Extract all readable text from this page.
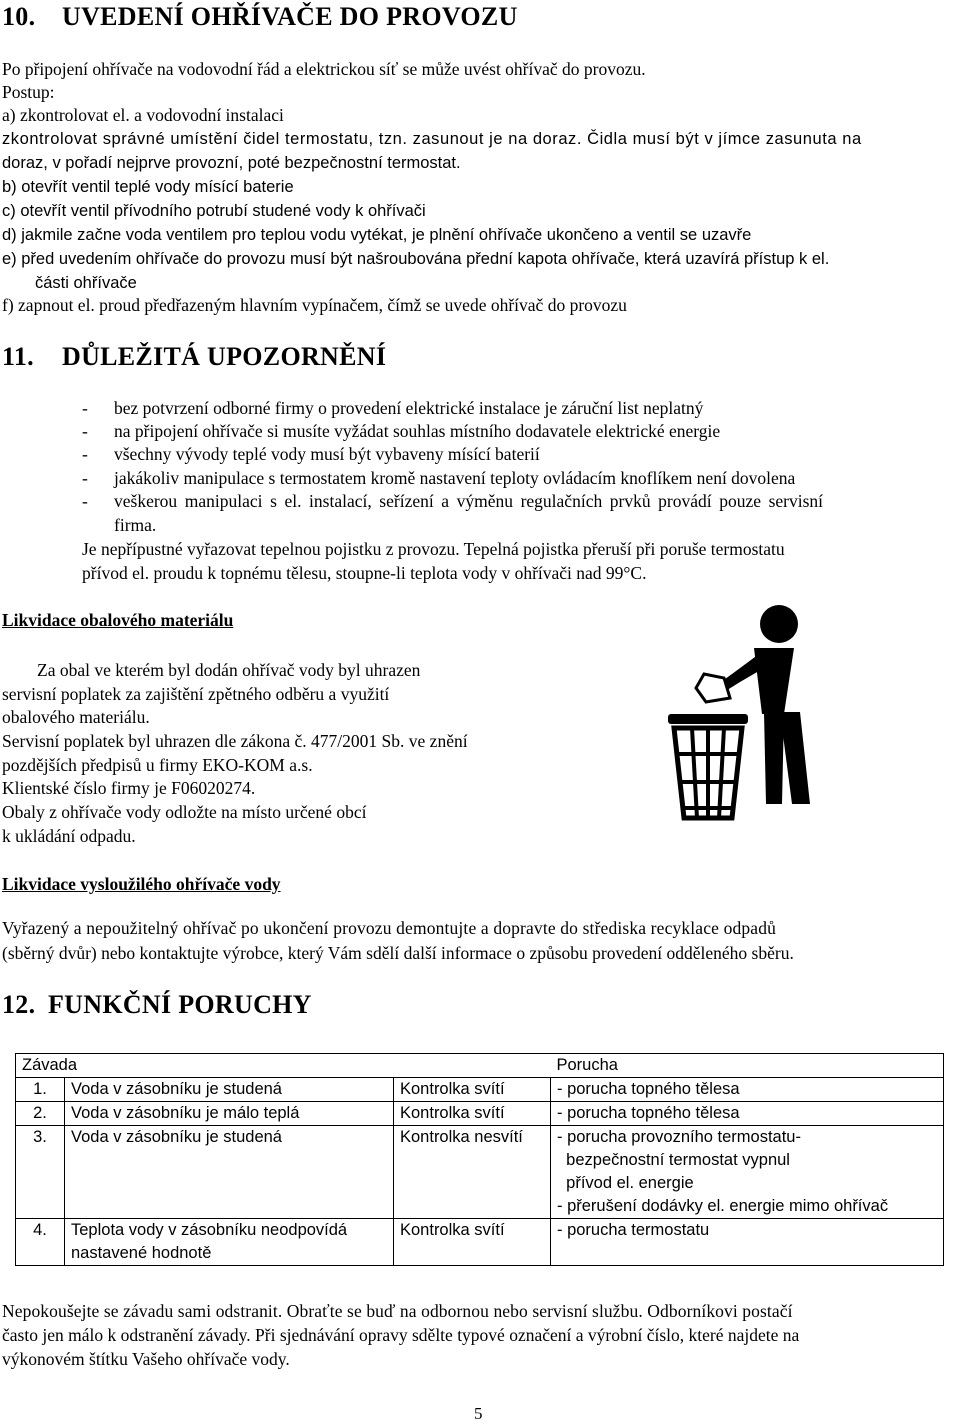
10. UVEDENÍ OHŘÍVAČE DO PROVOZU
Po připojení ohřívače na vodovodní řád a elektrickou síť se může uvést ohřívač do provozu.
Postup:
a) zkontrolovat el. a vodovodní instalaci
zkontrolovat správné umístění čidel termostatu, tzn. zasunout je na doraz. Čidla musí být v jímce zasunuta na
doraz, v pořadí nejprve provozní, poté bezpečnostní termostat.
b) otevřít ventil teplé vody mísící baterie
c) otevřít ventil přívodního potrubí studené vody k ohřívači
d) jakmile začne voda ventilem pro teplou vodu vytékat, je plnění ohřívače ukončeno a ventil se uzavře
e) před uvedením ohřívače do provozu musí být našroubována přední kapota ohřívače, která uzavírá přístup k el.
části ohřívače
f) zapnout el. proud předřazeným hlavním vypínačem, čímž se uvede ohřívač do provozu
11. DŮLEŽITÁ UPOZORNĚNÍ
- bez potvrzení odborné firmy o provedení elektrické instalace je záruční list neplatný
- na připojení ohřívače si musíte vyžádat souhlas místního dodavatele elektrické energie
- všechny vývody teplé vody musí být vybaveny mísící baterií
- jakákoliv manipulace s termostatem kromě nastavení teploty ovládacím knoflíkem není dovolena
- veškerou manipulaci s el. instalací, seřízení a výměnu regulačních prvků provádí pouze servisní
firma.
Je nepřípustné vyřazovat tepelnou pojistku z provozu. Tepelná pojistka přeruší při poruše termostatu
přívod el. proudu k topnému tělesu, stoupne-li teplota vody v ohřívači nad 99°C.
Likvidace obalového materiálu
Za obal ve kterém byl dodán ohřívač vody byl uhrazen
servisní poplatek za zajištění zpětného odběru a využití
obalového materiálu.
Servisní poplatek byl uhrazen dle zákona č. 477/2001 Sb. ve znění
pozdějších předpisů u firmy EKO-KOM a.s.
Klientské číslo firmy je F06020274.
Obaly z ohřívače vody odložte na místo určené obcí
k ukládání odpadu.
Likvidace vysloužilého ohřívače vody
Vyřazený a nepoužitelný ohřívač po ukončení provozu demontujte a dopravte do střediska recyklace odpadů
(sběrný dvůr) nebo kontaktujte výrobce, který Vám sdělí další informace o způsobu provedení odděleného sběru.
12. FUNKČNÍ PORUCHY
Závada			Porucha
1.	Voda v zásobníku je studená	Kontrolka svítí	- porucha topného tělesa
2.	Voda v zásobníku je málo teplá	Kontrolka svítí	- porucha topného tělesa
3.	Voda v zásobníku je studená	Kontrolka nesvítí	- porucha provozního termostatu-
bezpečnostní termostat vypnul
přívod el. energie
- přerušení dodávky el. energie mimo ohřívač

4.	Teplota vody v zásobníku neodpovídá nastavené hodnotě	Kontrolka svítí	- porucha termostatu
Nepokoušejte se závadu sami odstranit. Obraťte se buď na odbornou nebo servisní službu. Odborníkovi postačí
často jen málo k odstranění závady. Při sjednávání opravy sdělte typové označení a výrobní číslo, které najdete na
výkonovém štítku Vašeho ohřívače vody.
5
